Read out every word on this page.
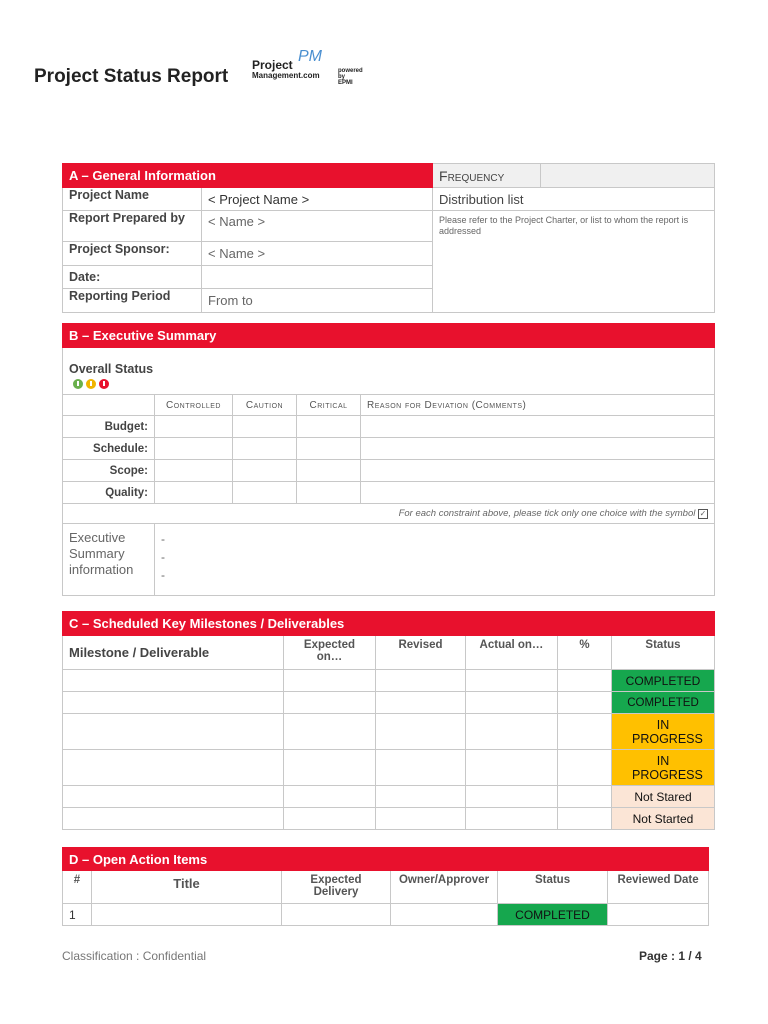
Project Status Report
Project PM
Management.com	powered by
EPMI
A – General Information		Frequency	
Project Name	< Project Name >	Distribution list	
Report Prepared by	< Name >	Please refer to the Project Charter, or list to whom the report is addressed	
Project Sponsor:	< Name >		
Date:			
Reporting Period	From to		
B – Executive Summary				

Overall Status				

	Controlled	Caution	Critical	Reason for Deviation (Comments)
Budget:				
Schedule:				
Scope:				
Quality:				
For each constraint above, please tick only one choice with the symbol ✓				
Executive Summary information	-
-
-			
C – Scheduled Key Milestones / Deliverables					
Milestone / Deliverable	Expected on…	Revised	Actual on…	%	Status
					COMPLETED
					COMPLETED
					IN PROGRESS
					IN PROGRESS
					Not Stared
					Not Started
D – Open Action Items					
#	Title	Expected Delivery	Owner/Approver	Status	Reviewed Date
1				COMPLETED	
Classification : Confidential	Page : 1 / 4
